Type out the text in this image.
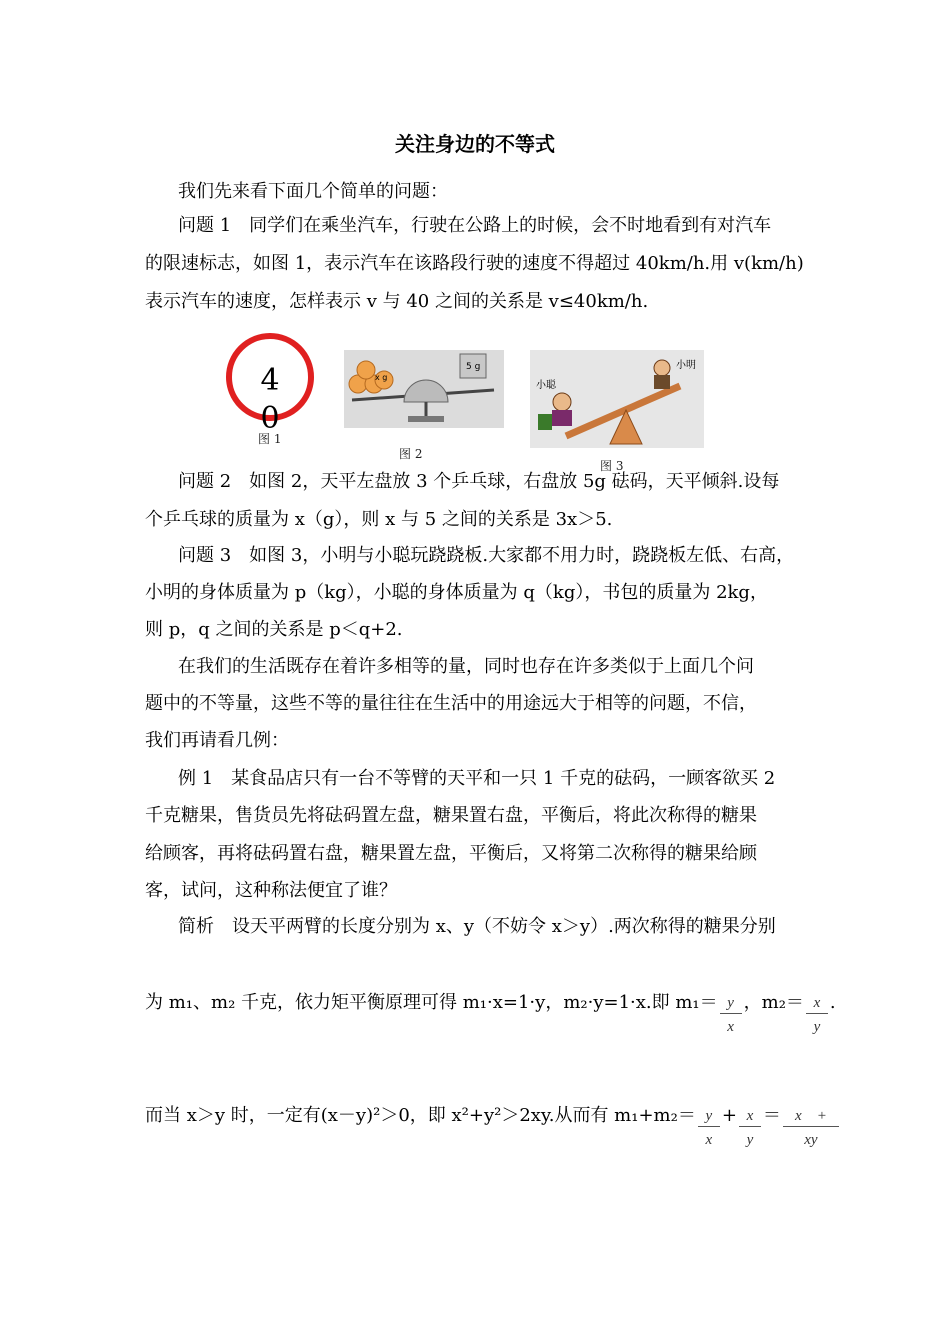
关注身边的不等式
我们先来看下面几个简单的问题：
问题 1　同学们在乘坐汽车，行驶在公路上的时候，会不时地看到有对汽车
的限速标志，如图 1，表示汽车在该路段行驶的速度不得超过 40km/h.用 v(km/h)
表示汽车的速度，怎样表示 v 与 40 之间的关系是 v≤40km/h.
4
0
图 1
x g
5 g
图 2
小明
小聪
图 3
问题 2　如图 2，天平左盘放 3 个乒乓球，右盘放 5g 砝码，天平倾斜.设每
个乒乓球的质量为 x（g），则 x 与 5 之间的关系是 3x＞5.
问题 3　如图 3，小明与小聪玩跷跷板.大家都不用力时，跷跷板左低、右高，
小明的身体质量为 p（kg），小聪的身体质量为 q（kg），书包的质量为 2kg，
则 p，q 之间的关系是 p＜q+2.
在我们的生活既存在着许多相等的量，同时也存在许多类似于上面几个问
题中的不等量，这些不等的量往往在生活中的用途远大于相等的问题，不信，
我们再请看几例：
例 1　某食品店只有一台不等臂的天平和一只 1 千克的砝码，一顾客欲买 2
千克糖果，售货员先将砝码置左盘，糖果置右盘，平衡后，将此次称得的糖果
给顾客，再将砝码置右盘，糖果置左盘，平衡后，又将第二次称得的糖果给顾
客，试问，这种称法便宜了谁？
简析　设天平两臂的长度分别为 x、y（不妨令 x＞y）.两次称得的糖果分别
为 m₁、m₂ 千克，依力矩平衡原理可得 m₁·x=1·y，m₂·y=1·x.即 $m_1= \frac{y}{x}$ ，$m_2= \frac{x}{y}$ .
而当 x＞y 时，一定有(x－y)²＞0，即 x²+y²＞2xy.从而有 $m_1+m_2= \frac{y}{x} + \frac{x}{y} = \frac{x +}{xy}$
